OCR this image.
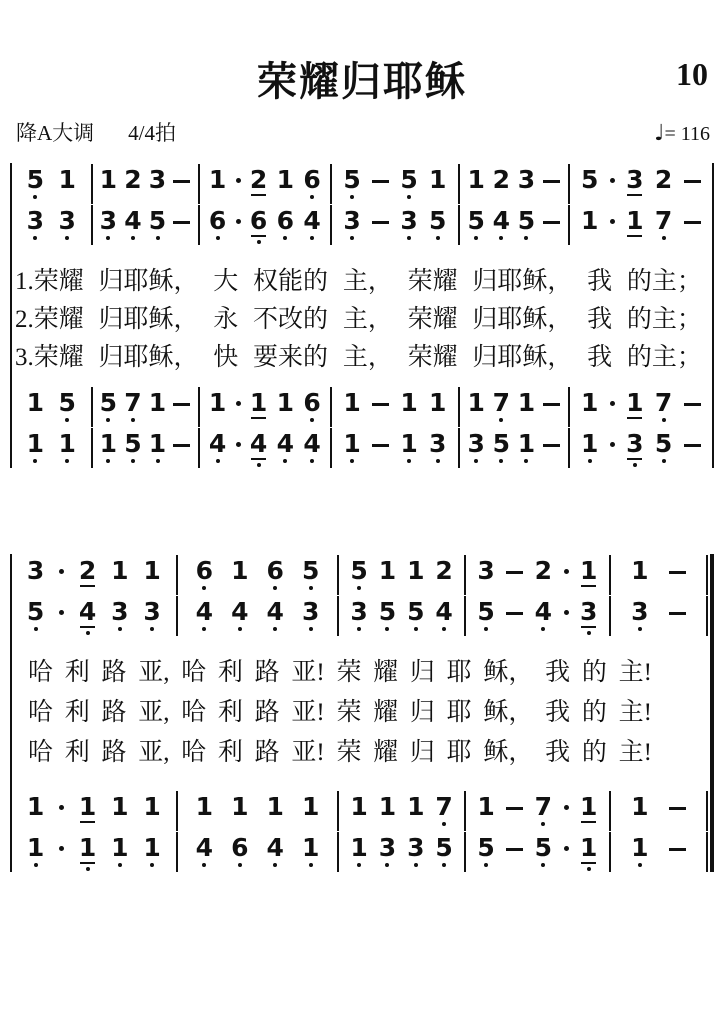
荣耀归耶稣	10
降A大调 4/4拍	♩= 116
5 1 1 2 3 1 2 1 6 5 5 1 1 2 3 5 3 2
3 3 3 4 5 6 6 6 4 3 3 5 5 4 5 1 1 7
1.荣耀 归耶稣， 大 权能的 主， 荣耀 归耶稣， 我 的主；
2.荣耀 归耶稣， 永 不改的 主， 荣耀 归耶稣， 我 的主；
3.荣耀 归耶稣， 快 要来的 主， 荣耀 归耶稣， 我 的主；
1 5 5 7 1 1 1 1 6 1 1 1 1 7 1 1 1 7
1 1 1 5 1 4 4 4 4 1 1 3 3 5 1 1 3 5
3 2 1 1 6 1 6 5 5 1 1 2 3 2 1 1
5 4 3 3 4 4 4 3 3 5 5 4 5 4 3 3
哈 利 路 亚, 哈 利 路 亚! 荣 耀 归 耶 稣， 我 的 主!
哈 利 路 亚, 哈 利 路 亚! 荣 耀 归 耶 稣， 我 的 主!
哈 利 路 亚, 哈 利 路 亚! 荣 耀 归 耶 稣， 我 的 主!
1 1 1 1 1 1 1 1 1 1 1 7 1 7 1 1
1 1 1 1 4 6 4 1 1 3 3 5 5 5 1 1
